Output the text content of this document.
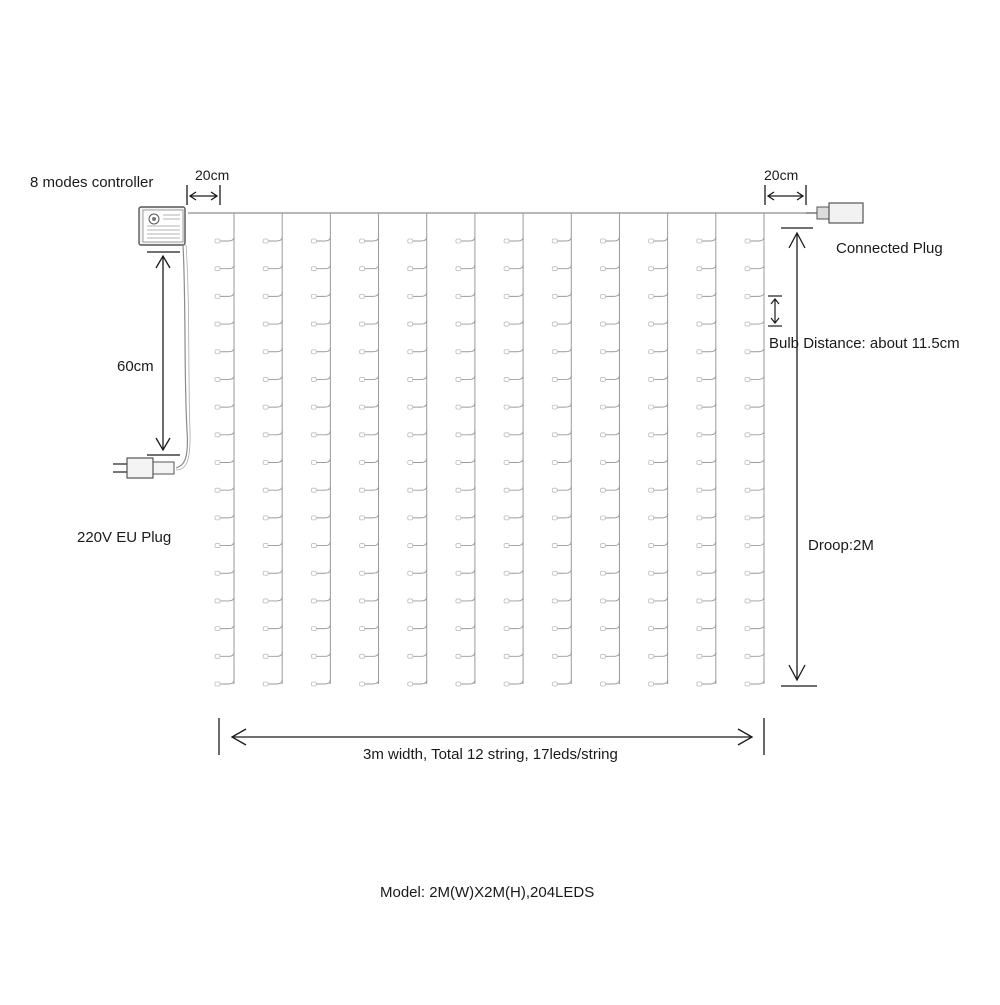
8 modes controller	20cm	20cm
Connected Plug
Bulb Distance: about 11.5cm
60cm
220V EU Plug	Droop:2M
3m width, Total 12 string, 17leds/string
Model: 2M(W)X2M(H),204LEDS
